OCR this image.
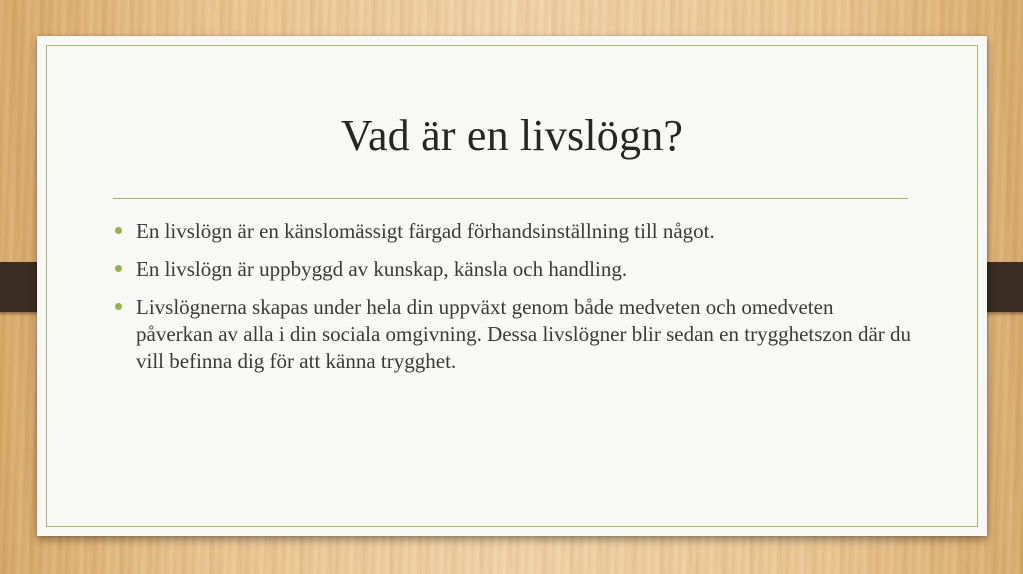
Vad är en livslögn?
En livslögn är en känslomässigt färgad förhandsinställning till något.
En livslögn är uppbyggd av kunskap, känsla och handling.
Livslögnerna skapas under hela din uppväxt genom både medveten och omedveten påverkan av alla i din sociala omgivning. Dessa livslögner blir sedan en trygghetszon där du vill befinna dig för att känna trygghet.
